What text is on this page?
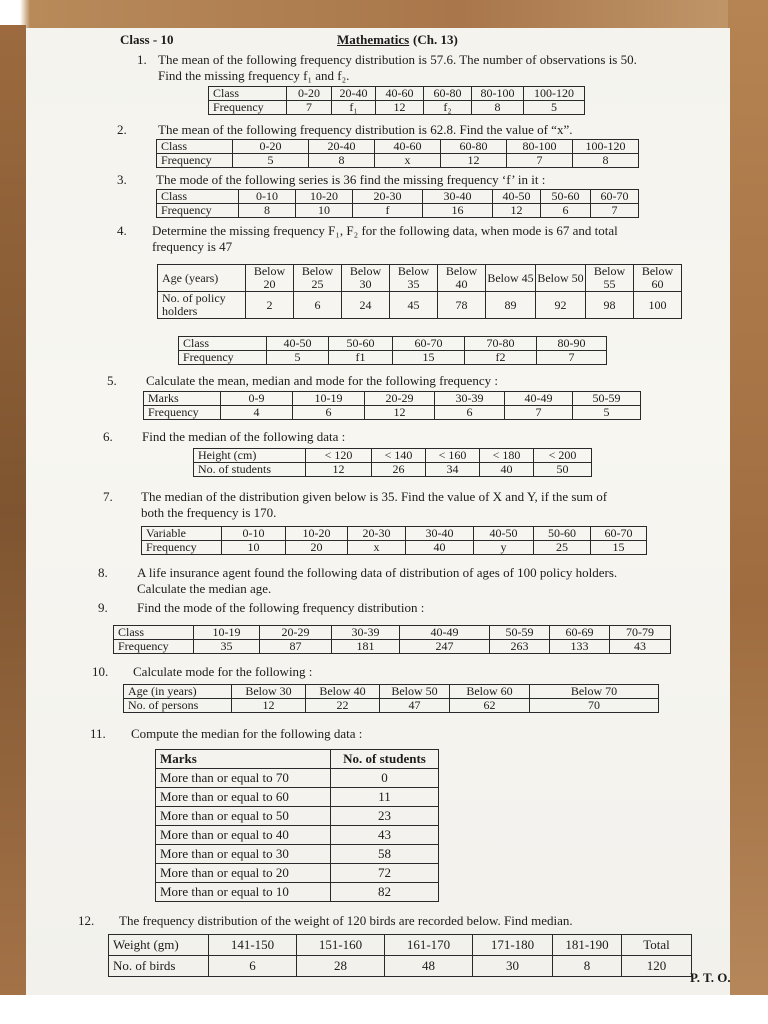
Class - 10	Mathematics (Ch. 13)
1. The mean of the following frequency distribution is 57.6. The number of observations is 50.
Find the missing frequency f₁ and f₂.
Class	0-20	20-40	40-60	60-80	80-100	100-120
Frequency	7	f₁	12	f₂	8	5
2. The mean of the following frequency distribution is 62.8. Find the value of “x”.
Class	0-20	20-40	40-60	60-80	80-100	100-120
Frequency	5	8	x	12	7	8
3. The mode of the following series is 36 find the missing frequency ‘f’ in it :
Class	0-10	10-20	20-30	30-40	40-50	50-60	60-70
Frequency	8	10	f	16	12	6	7
4. Determine the missing frequency F₁, F₂ for the following data, when mode is 67 and total
frequency is 47
Age (years)	Below 20	Below 25	Below 30	Below 35	Below 40	Below 45	Below 50	Below 55	Below 60
No. of policy holders	2	6	24	45	78	89	92	98	100
Class	40-50	50-60	60-70	70-80	80-90
Frequency	5	f1	15	f2	7
5. Calculate the mean, median and mode for the following frequency :
Marks	0-9	10-19	20-29	30-39	40-49	50-59
Frequency	4	6	12	6	7	5
6. Find the median of the following data :
Height (cm)	< 120	< 140	< 160	< 180	< 200
No. of students	12	26	34	40	50
7. The median of the distribution given below is 35. Find the value of X and Y, if the sum of
both the frequency is 170.
Variable	0-10	10-20	20-30	30-40	40-50	50-60	60-70
Frequency	10	20	x	40	y	25	15
8. A life insurance agent found the following data of distribution of ages of 100 policy holders.
Calculate the median age.
9. Find the mode of the following frequency distribution :
Class	10-19	20-29	30-39	40-49	50-59	60-69	70-79
Frequency	35	87	181	247	263	133	43
10. Calculate mode for the following :
Age (in years)	Below 30	Below 40	Below 50	Below 60	Below 70
No. of persons	12	22	47	62	70
11. Compute the median for the following data :
Marks	No. of students
More than or equal to 70	0
More than or equal to 60	11
More than or equal to 50	23
More than or equal to 40	43
More than or equal to 30	58
More than or equal to 20	72
More than or equal to 10	82
12. The frequency distribution of the weight of 120 birds are recorded below. Find median.
Weight (gm)	141-150	151-160	161-170	171-180	181-190	Total
No. of birds	6	28	48	30	8	120
P. T. O.
